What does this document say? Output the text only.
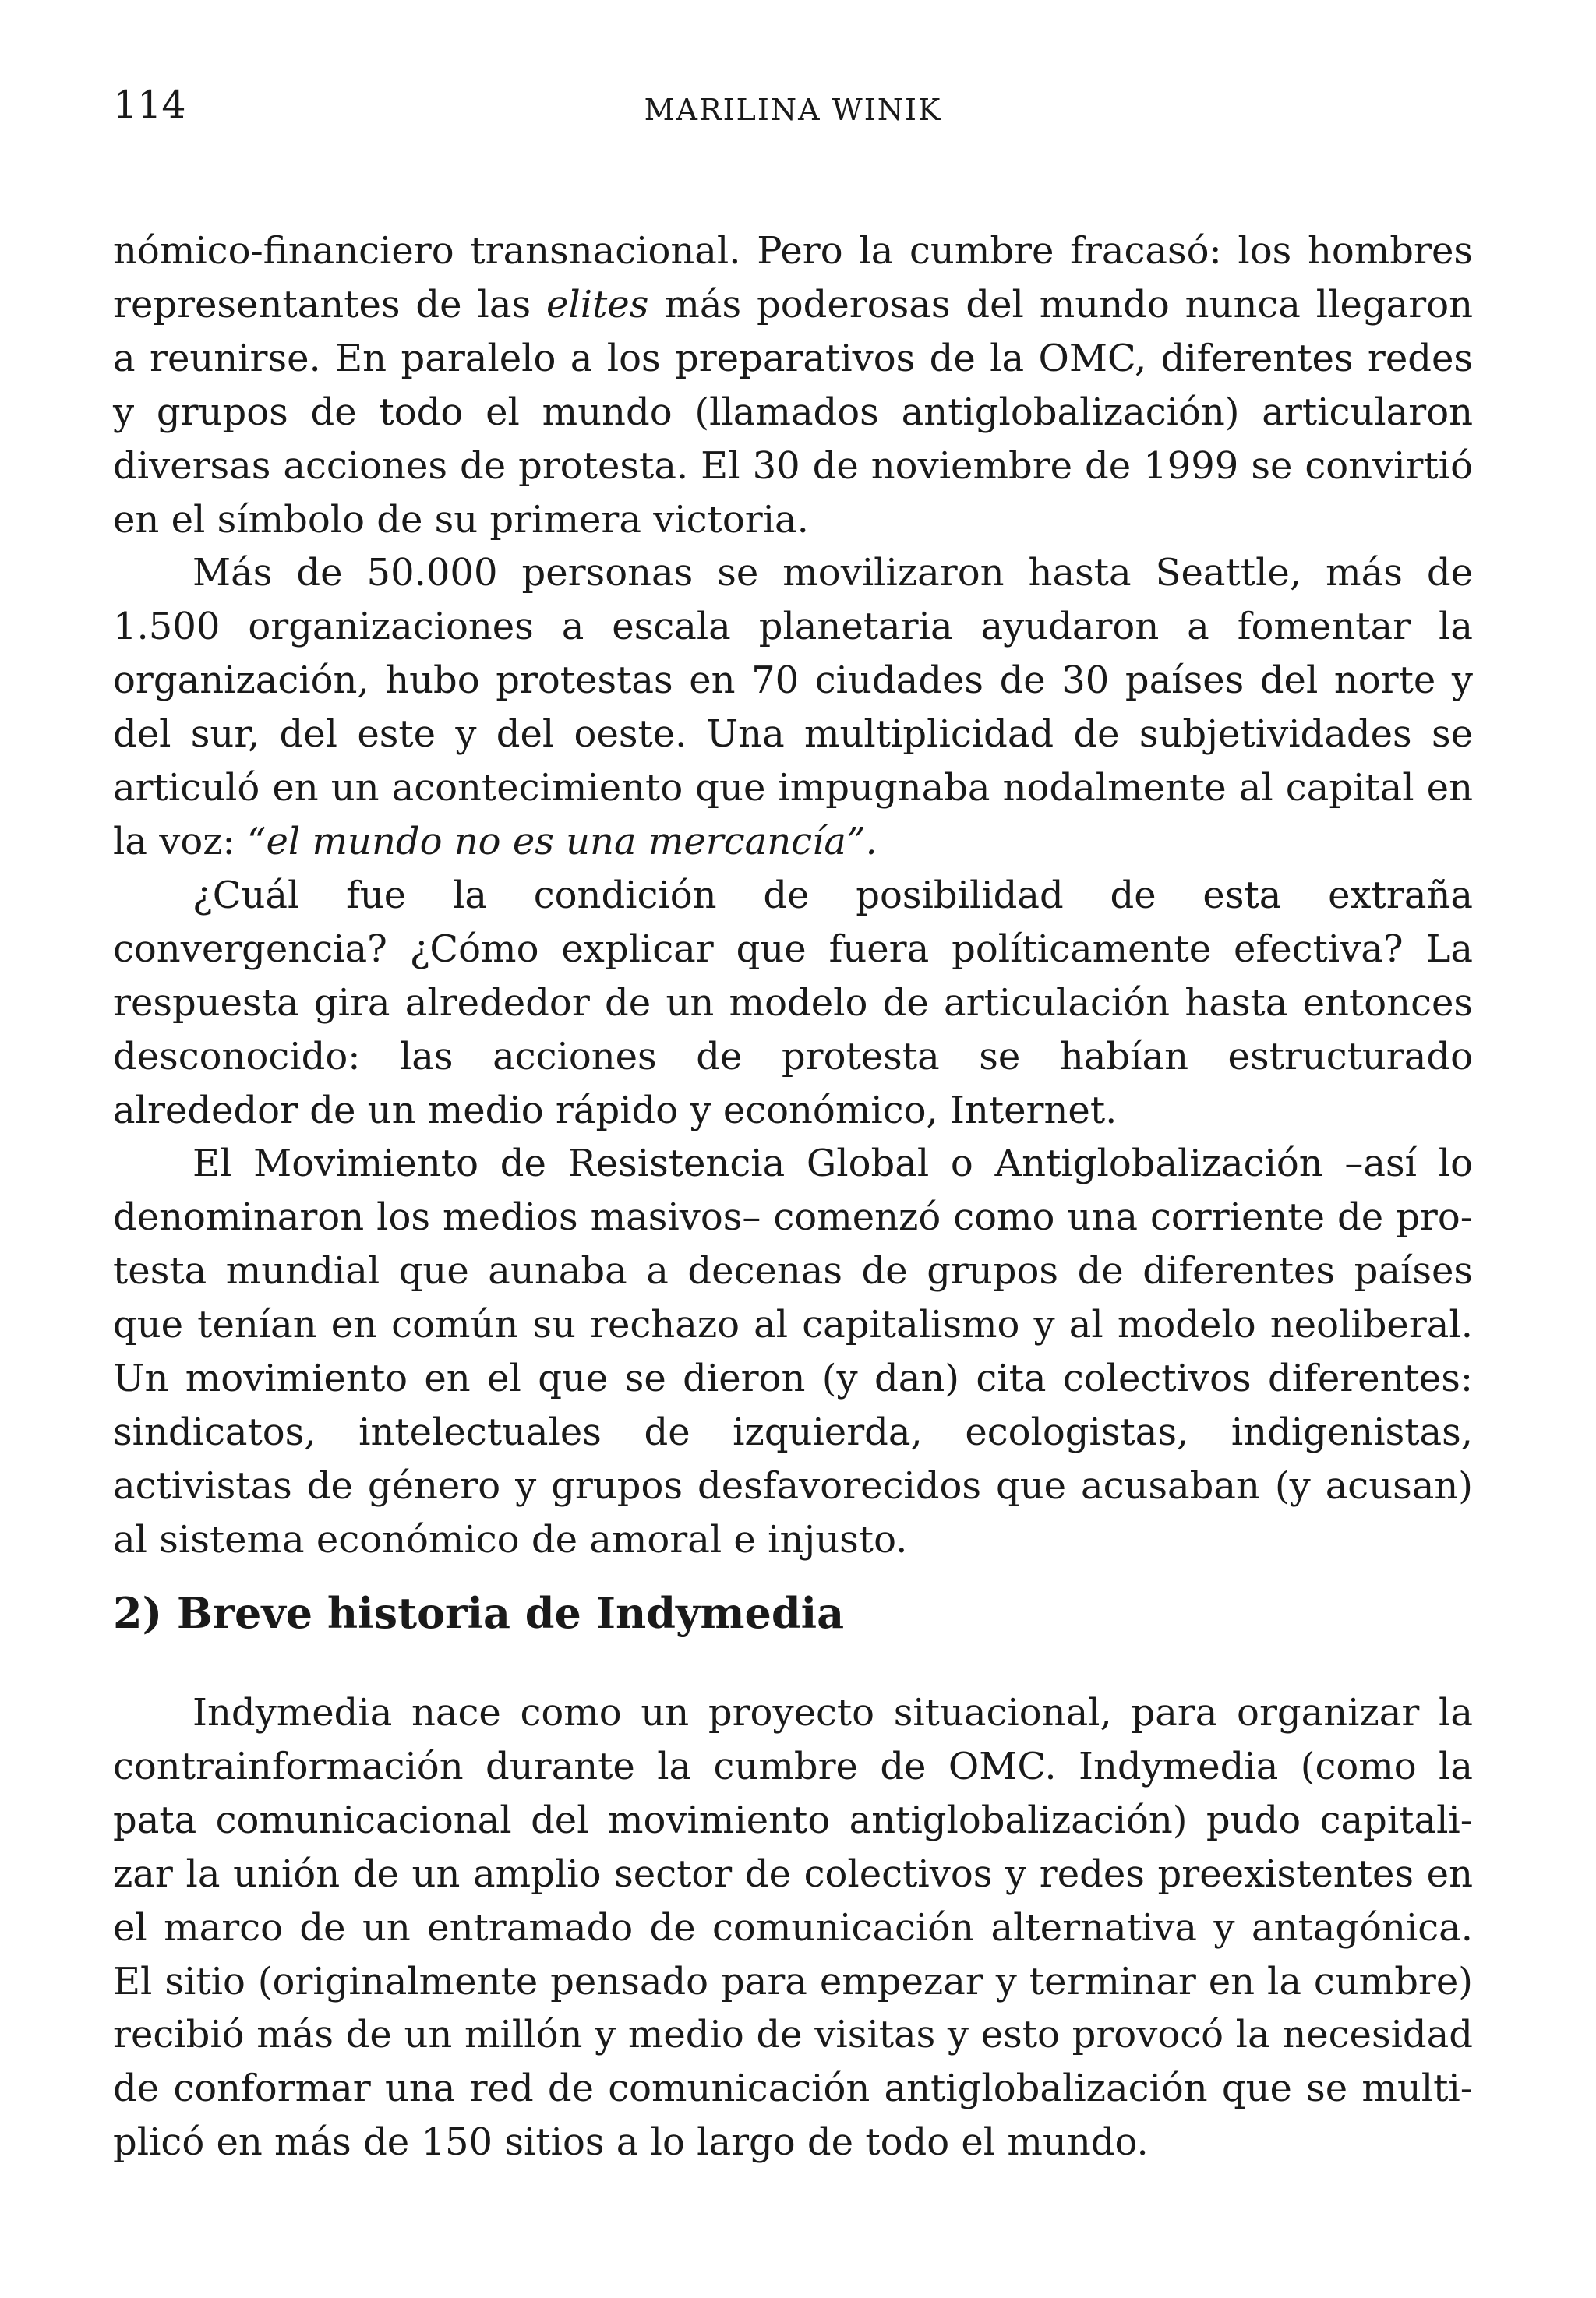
114	MARILINA WINIK

nómico-financiero transnacional. Pero la cumbre fracasó: los hombres representantes de las elites más poderosas del mundo nunca llegaron a reunirse. En paralelo a los preparativos de la OMC, diferentes redes y grupos de todo el mundo (llamados antiglobalización) articularon diversas acciones de protesta. El 30 de noviembre de 1999 se convirtió en el símbolo de su primera victoria.

Más de 50.000 personas se movilizaron hasta Seattle, más de 1.500 organizaciones a escala planetaria ayudaron a fomentar la organización, hubo protestas en 70 ciudades de 30 países del norte y del sur, del este y del oeste. Una multiplicidad de subjetividades se articuló en un acontecimiento que impugnaba nodalmente al capital en la voz: “el mundo no es una mercancía”.

¿Cuál fue la condición de posibilidad de esta extraña convergencia? ¿Cómo explicar que fuera políticamente efectiva? La respuesta gira alrededor de un modelo de articulación hasta entonces desconocido: las acciones de protesta se habían estructurado alrededor de un medio rápido y económico, Internet.

El Movimiento de Resistencia Global o Antiglobalización –así lo denominaron los medios masivos– comenzó como una corriente de protesta mundial que aunaba a decenas de grupos de diferentes países que tenían en común su rechazo al capitalismo y al modelo neoliberal. Un movimiento en el que se dieron (y dan) cita colectivos diferentes: sindicatos, intelectuales de izquierda, ecologistas, indigenistas, activistas de género y grupos desfavorecidos que acusaban (y acusan) al sistema económico de amoral e injusto.

2) Breve historia de Indymedia

Indymedia nace como un proyecto situacional, para organizar la contrainformación durante la cumbre de OMC. Indymedia (como la pata comunicacional del movimiento antiglobalización) pudo capitalizar la unión de un amplio sector de colectivos y redes preexistentes en el marco de un entramado de comunicación alternativa y antagónica. El sitio (originalmente pensado para empezar y terminar en la cumbre) recibió más de un millón y medio de visitas y esto provocó la necesidad de conformar una red de comunicación antiglobalización que se multiplicó en más de 150 sitios a lo largo de todo el mundo.
